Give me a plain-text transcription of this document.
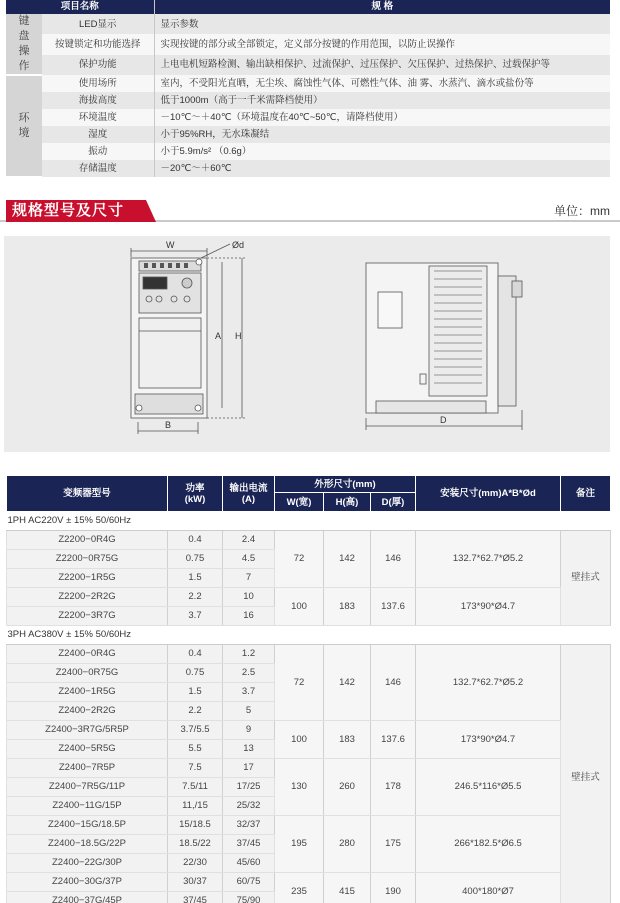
项目名称		规 格

键
盘
操
作	LED显示	显示参数
	按键锁定和功能选择	实现按键的部分或全部锁定，定义部分按键的作用范围，以防止误操作
	保护功能	上电电机短路检测、输出缺相保护、过流保护、过压保护、欠压保护、过热保护、过载保护等

环
境	使用场所	室内，不受阳光直晒，无尘埃、腐蚀性气体、可燃性气体、油 雾、水蒸汽、滴水或盐份等
	海拔高度	低于1000m（高于一千米需降档使用）
	环境温度	－10℃～＋40℃（环境温度在40℃~50℃，请降档使用）
	湿度	小于95%RH，无水珠凝结
	振动	小于5.9m/s² （0.6g）
	存储温度	－20℃～＋60℃
规格型号及尺寸	单位：mm
W	Ød
A H
B	D
变频器型号	功率
(kW)	输出电流
(A)	外形尺寸(mm)			安装尺寸(mm)A*B*Ød	备注
			W(宽)	H(高)	D(厚)		
1PH AC220V ± 15% 50/60Hz							
Z2200−0R4G	0.4	2.4	72	142	146	132.7*62.7*Ø5.2	壁挂式
Z2200−0R75G	0.75	4.5					
Z2200−1R5G	1.5	7					
Z2200−2R2G	2.2	10	100	183	137.6	173*90*Ø4.7	
Z2200−3R7G	3.7	16					
3PH AC380V ± 15% 50/60Hz							
Z2400−0R4G	0.4	1.2	72	142	146	132.7*62.7*Ø5.2	壁挂式
Z2400−0R75G	0.75	2.5					
Z2400−1R5G	1.5	3.7					
Z2400−2R2G	2.2	5					
Z2400−3R7G/5R5P	3.7/5.5	9	100	183	137.6	173*90*Ø4.7	
Z2400−5R5G	5.5	13					
Z2400−7R5P	7.5	17	130	260	178	246.5*116*Ø5.5	
Z2400−7R5G/11P	7.5/11	17/25					
Z2400−11G/15P	11,/15	25/32					
Z2400−15G/18.5P	15/18.5	32/37	195	280	175	266*182.5*Ø6.5	
Z2400−18.5G/22P	18.5/22	37/45					
Z2400−22G/30P	22/30	45/60					
Z2400−30G/37P	30/37	60/75	235	415	190	400*180*Ø7	
Z2400−37G/45P	37/45	75/90					
